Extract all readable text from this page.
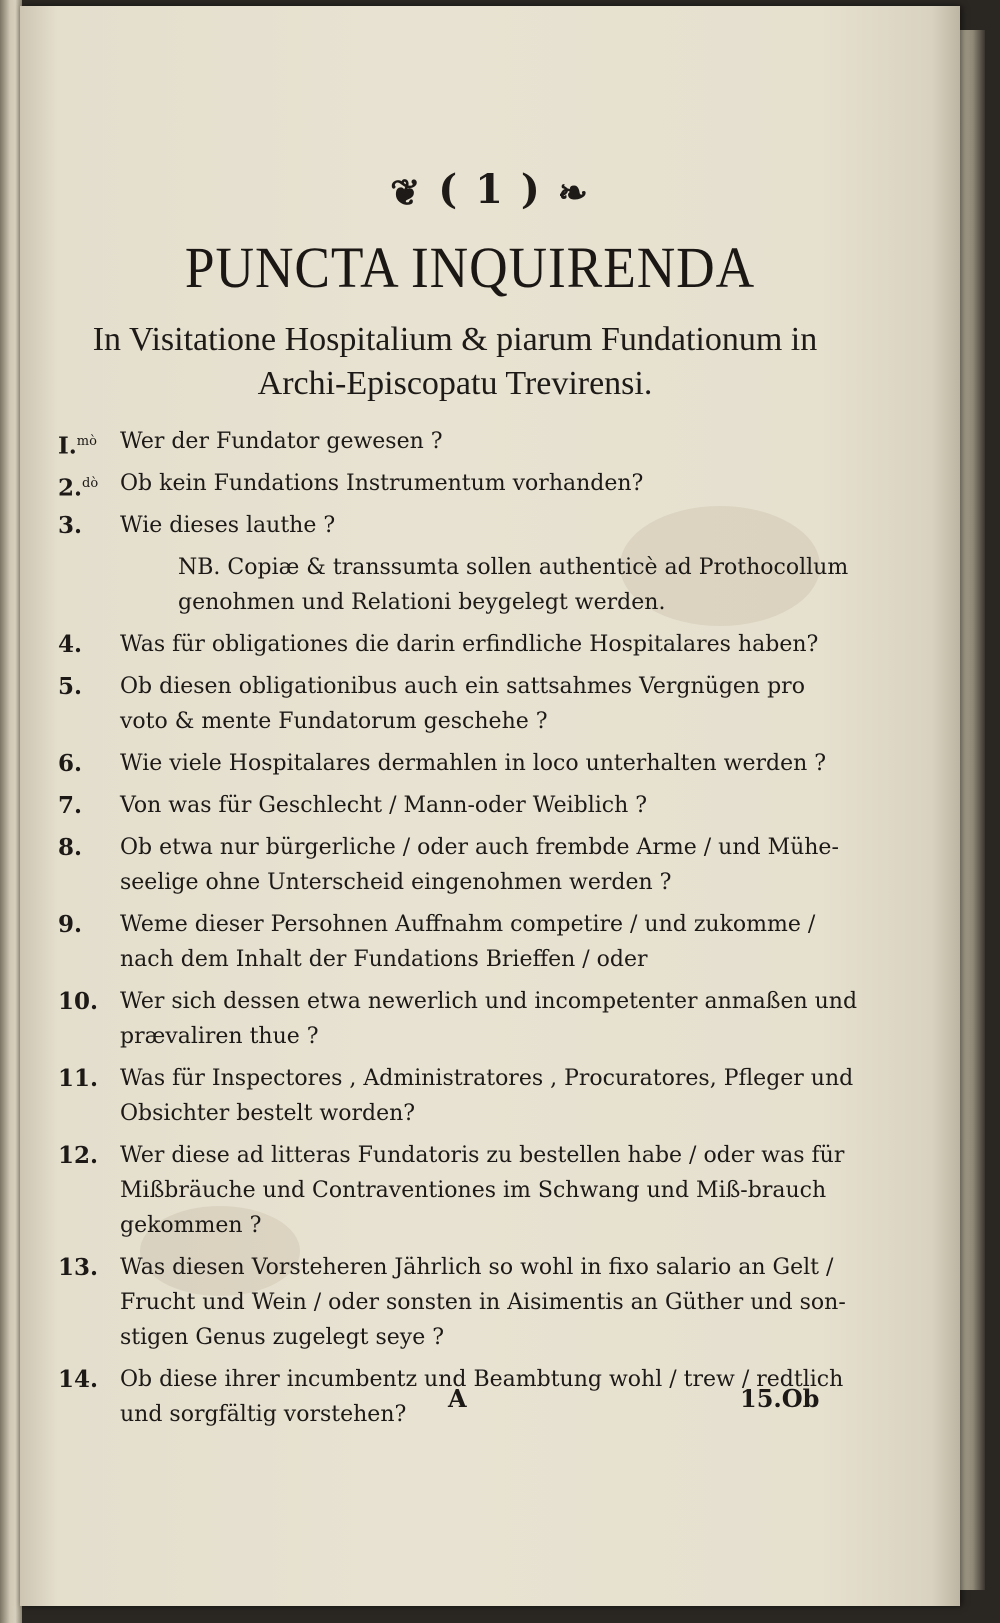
❦ ( 1 ) ❧
PUNCTA INQUIRENDA
In Visitatione Hospitalium & piarum Fundationum in
Archi-Episcopatu Trevirensi.
I.$^{mò}$ Wer der Fundator gewesen ?
2.$^{dò}$ Ob kein Fundations Instrumentum vorhanden?
3. Wie dieses lauthe ?
NB. Copiæ & transsumta sollen authenticè ad Prothocollum genohmen und Relationi beygelegt werden.
4. Was für obligationes die darin erfindliche Hospitalares haben?
5. Ob diesen obligationibus auch ein sattsahmes Vergnügen pro voto & mente Fundatorum geschehe ?
6. Wie viele Hospitalares dermahlen in loco unterhalten werden ?
7. Von was für Geschlecht / Mann-oder Weiblich ?
8. Ob etwa nur bürgerliche / oder auch frembde Arme / und Mühe-seelige ohne Unterscheid eingenohmen werden ?
9. Weme dieser Persohnen Auffnahm competire / und zukomme / nach dem Inhalt der Fundations Brieffen / oder
10. Wer sich dessen etwa newerlich und incompetenter anmaßen und prævaliren thue ?
11. Was für Inspectores , Administratores , Procuratores, Pfleger und Obsichter bestelt worden?
12. Wer diese ad litteras Fundatoris zu bestellen habe / oder was für Mißbräuche und Contraventiones im Schwang und Miß-brauch gekommen ?
13. Was diesen Vorsteheren Jährlich so wohl in fixo salario an Gelt / Frucht und Wein / oder sonsten in Aisimentis an Güther und son-stigen Genus zugelegt seye ?
14. Ob diese ihrer incumbentz und Beambtung wohl / trew / redtlich und sorgfältig vorstehen?
A	15.Ob
